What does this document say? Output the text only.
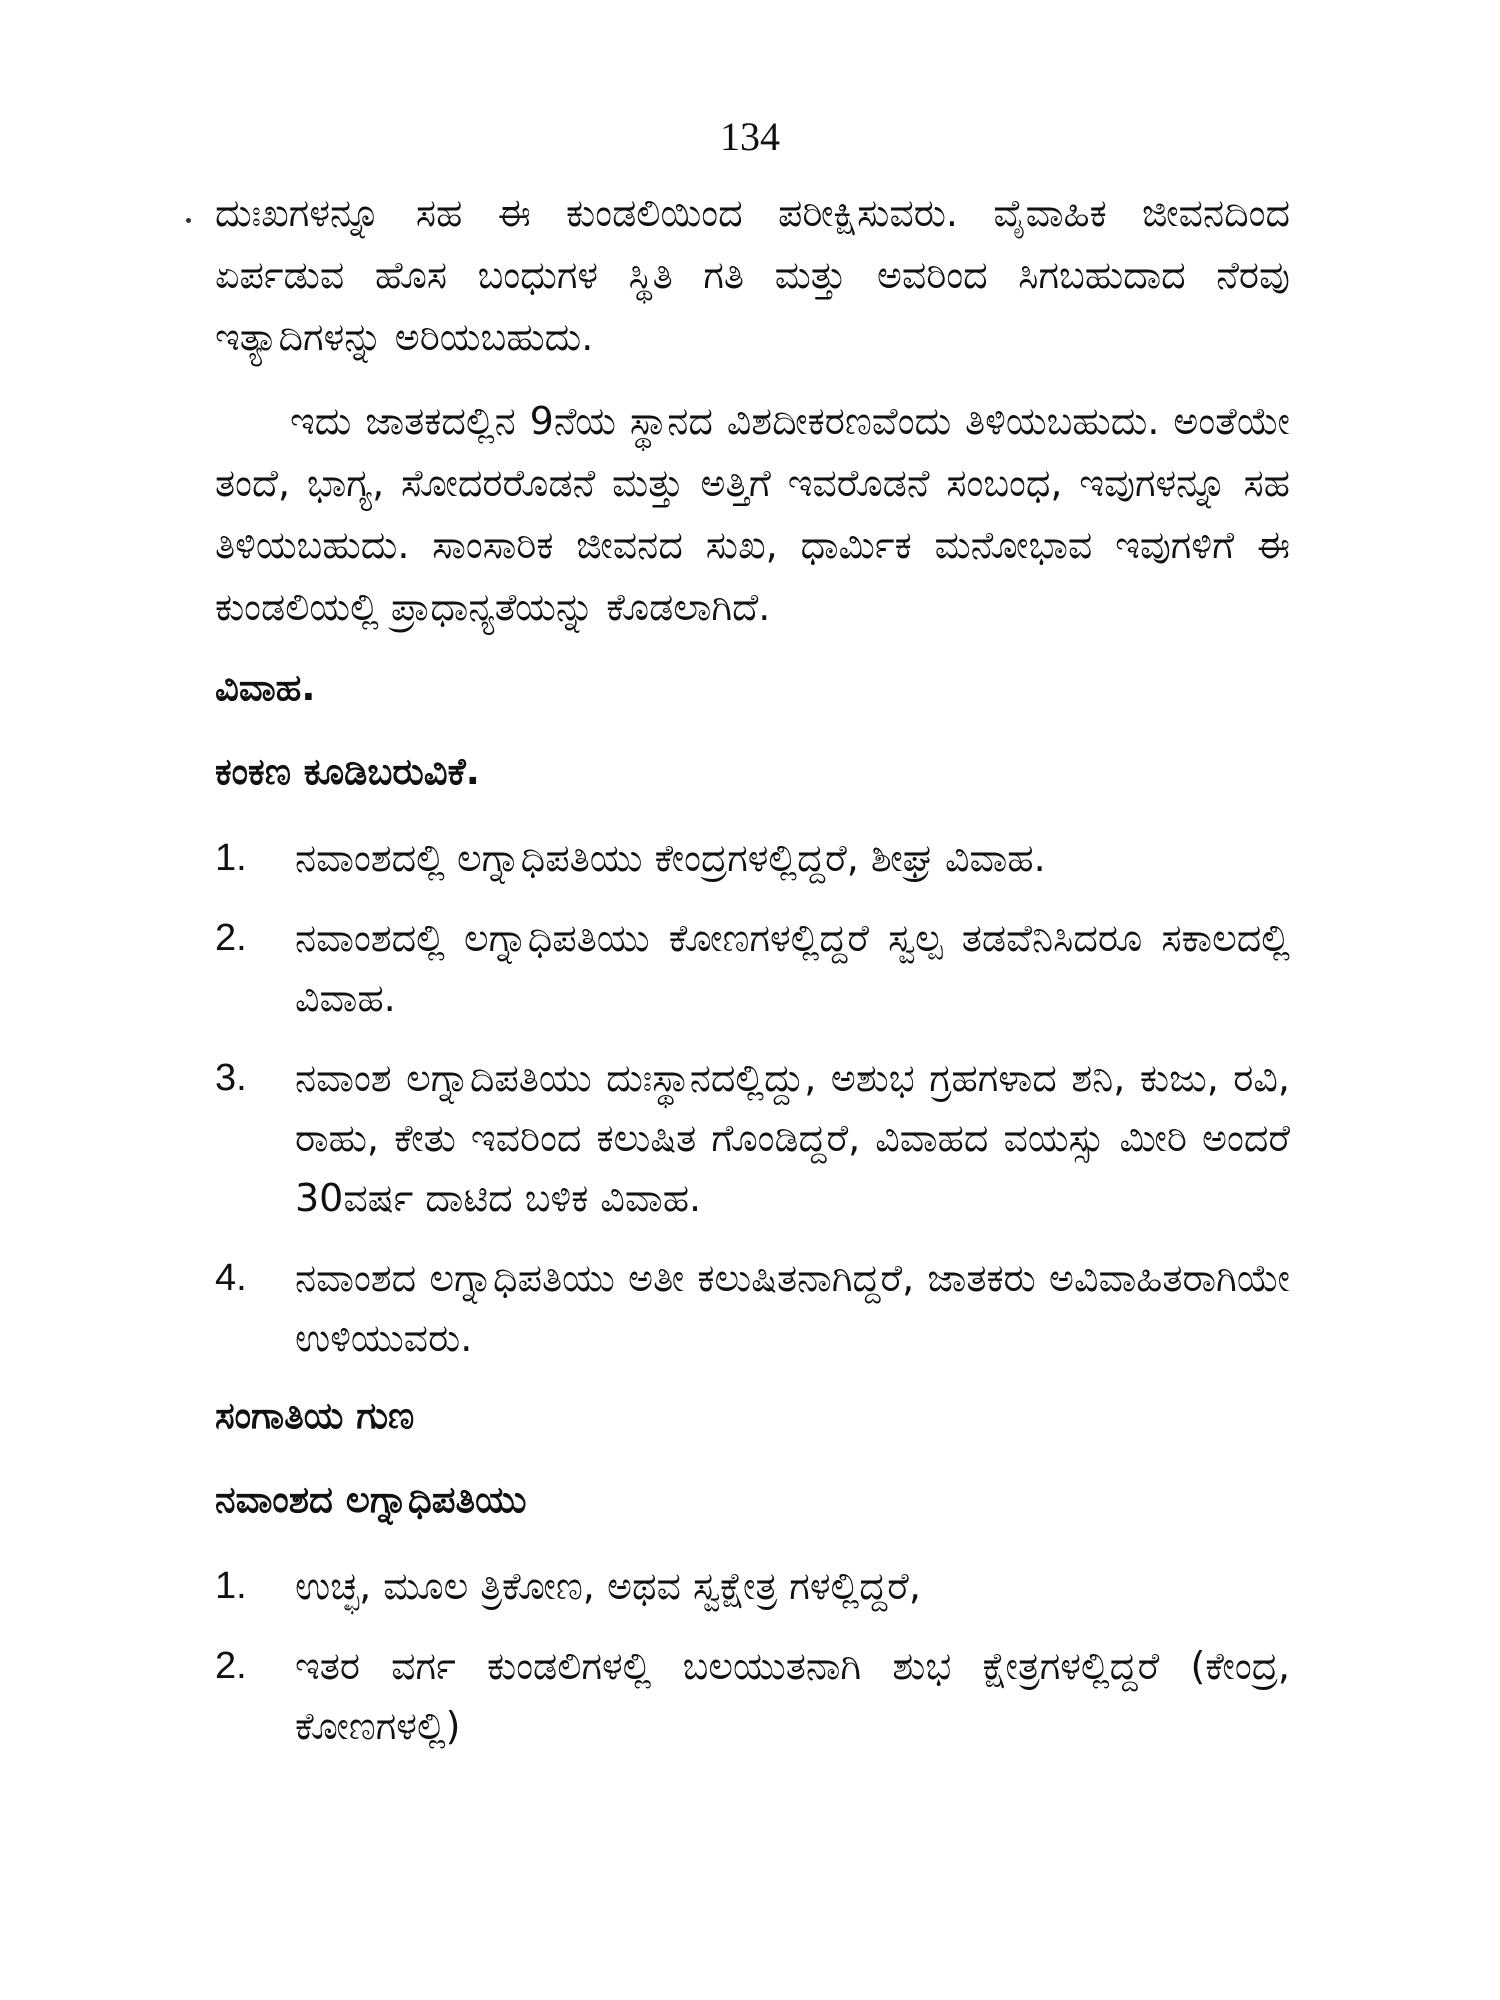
134

ದುಃಖಗಳನ್ನೂ ಸಹ ಈ ಕುಂಡಲಿಯಿಂದ ಪರೀಕ್ಷಿಸುವರು. ವೈವಾಹಿಕ ಜೀವನದಿಂದ ಏರ್ಪಡುವ ಹೊಸ ಬಂಧುಗಳ ಸ್ಥಿತಿ ಗತಿ ಮತ್ತು ಅವರಿಂದ ಸಿಗಬಹುದಾದ ನೆರವು ಇತ್ಯಾದಿಗಳನ್ನು ಅರಿಯಬಹುದು.

ಇದು ಜಾತಕದಲ್ಲಿನ 9ನೆಯ ಸ್ಥಾನದ ವಿಶದೀಕರಣವೆಂದು ತಿಳಿಯಬಹುದು. ಅಂತೆಯೇ ತಂದೆ, ಭಾಗ್ಯ, ಸೋದರರೊಡನೆ ಮತ್ತು ಅತ್ತಿಗೆ ಇವರೊಡನೆ ಸಂಬಂಧ, ಇವುಗಳನ್ನೂ ಸಹ ತಿಳಿಯಬಹುದು. ಸಾಂಸಾರಿಕ ಜೀವನದ ಸುಖ, ಧಾರ್ಮಿಕ ಮನೋಭಾವ ಇವುಗಳಿಗೆ ಈ ಕುಂಡಲಿಯಲ್ಲಿ ಪ್ರಾಧಾನ್ಯತೆಯನ್ನು ಕೊಡಲಾಗಿದೆ.

ವಿವಾಹ.
ಕಂಕಣ ಕೂಡಿಬರುವಿಕೆ.
1.	ನವಾಂಶದಲ್ಲಿ ಲಗ್ನಾಧಿಪತಿಯು ಕೇಂದ್ರಗಳಲ್ಲಿದ್ದರೆ, ಶೀಘ್ರ ವಿವಾಹ.
2.	ನವಾಂಶದಲ್ಲಿ ಲಗ್ನಾಧಿಪತಿಯು ಕೋಣಗಳಲ್ಲಿದ್ದರೆ ಸ್ವಲ್ಪ ತಡವೆನಿಸಿದರೂ ಸಕಾಲದಲ್ಲಿ ವಿವಾಹ.
3.	ನವಾಂಶ ಲಗ್ನಾದಿಪತಿಯು ದುಃಸ್ಥಾನದಲ್ಲಿದ್ದು, ಅಶುಭ ಗ್ರಹಗಳಾದ ಶನಿ, ಕುಜು, ರವಿ, ರಾಹು, ಕೇತು ಇವರಿಂದ ಕಲುಷಿತ ಗೊಂಡಿದ್ದರೆ, ವಿವಾಹದ ವಯಸ್ಸು ಮೀರಿ ಅಂದರೆ 30ವರ್ಷ ದಾಟಿದ ಬಳಿಕ ವಿವಾಹ.
4.	ನವಾಂಶದ ಲಗ್ನಾಧಿಪತಿಯು ಅತೀ ಕಲುಷಿತನಾಗಿದ್ದರೆ, ಜಾತಕರು ಅವಿವಾಹಿತರಾಗಿಯೇ ಉಳಿಯುವರು.
ಸಂಗಾತಿಯ ಗುಣ
ನವಾಂಶದ ಲಗ್ನಾಧಿಪತಿಯು
1.	ಉಚ್ಛ, ಮೂಲ ತ್ರಿಕೋಣ, ಅಥವ ಸ್ವಕ್ಷೇತ್ರ ಗಳಲ್ಲಿದ್ದರೆ,
2.	ಇತರ ವರ್ಗ ಕುಂಡಲಿಗಳಲ್ಲಿ ಬಲಯುತನಾಗಿ ಶುಭ ಕ್ಷೇತ್ರಗಳಲ್ಲಿದ್ದರೆ (ಕೇಂದ್ರ, ಕೋಣಗಳಲ್ಲಿ)
